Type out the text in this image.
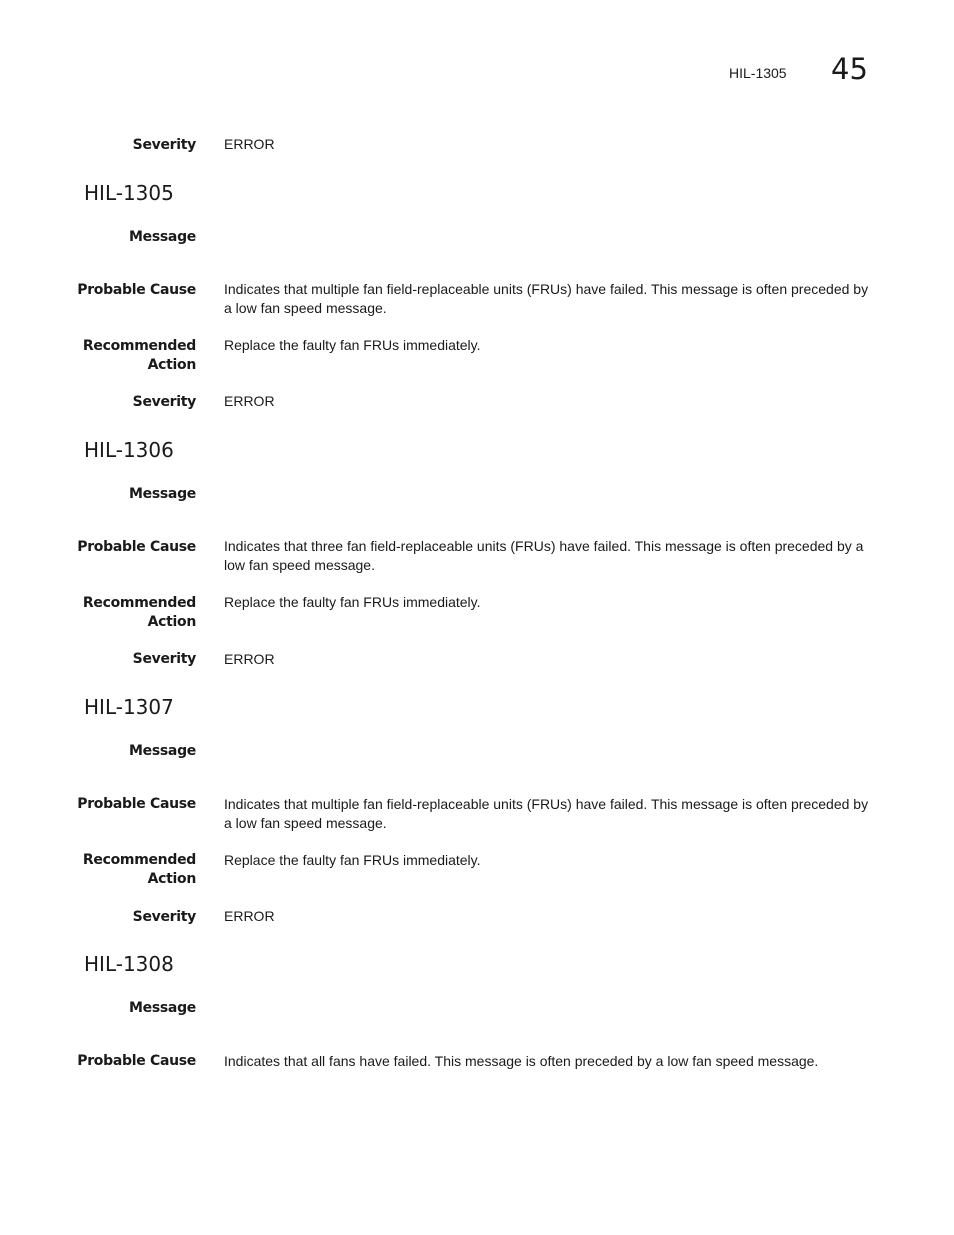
HIL-1305 45
Severity ERROR
HIL-1305
Message
Probable Cause Indicates that multiple fan field-replaceable units (FRUs) have failed. This message is often preceded by a low fan speed message.
Recommended
Action
Replace the faulty fan FRUs immediately.
Severity ERROR
HIL-1306
Message
Probable Cause Indicates that three fan field-replaceable units (FRUs) have failed. This message is often preceded by a low fan speed message.
Recommended
Action
Replace the faulty fan FRUs immediately.
Severity ERROR
HIL-1307
Message
Probable Cause Indicates that multiple fan field-replaceable units (FRUs) have failed. This message is often preceded by a low fan speed message.
Recommended
Action
Replace the faulty fan FRUs immediately.
Severity ERROR
HIL-1308
Message
Probable Cause Indicates that all fans have failed. This message is often preceded by a low fan speed message.
